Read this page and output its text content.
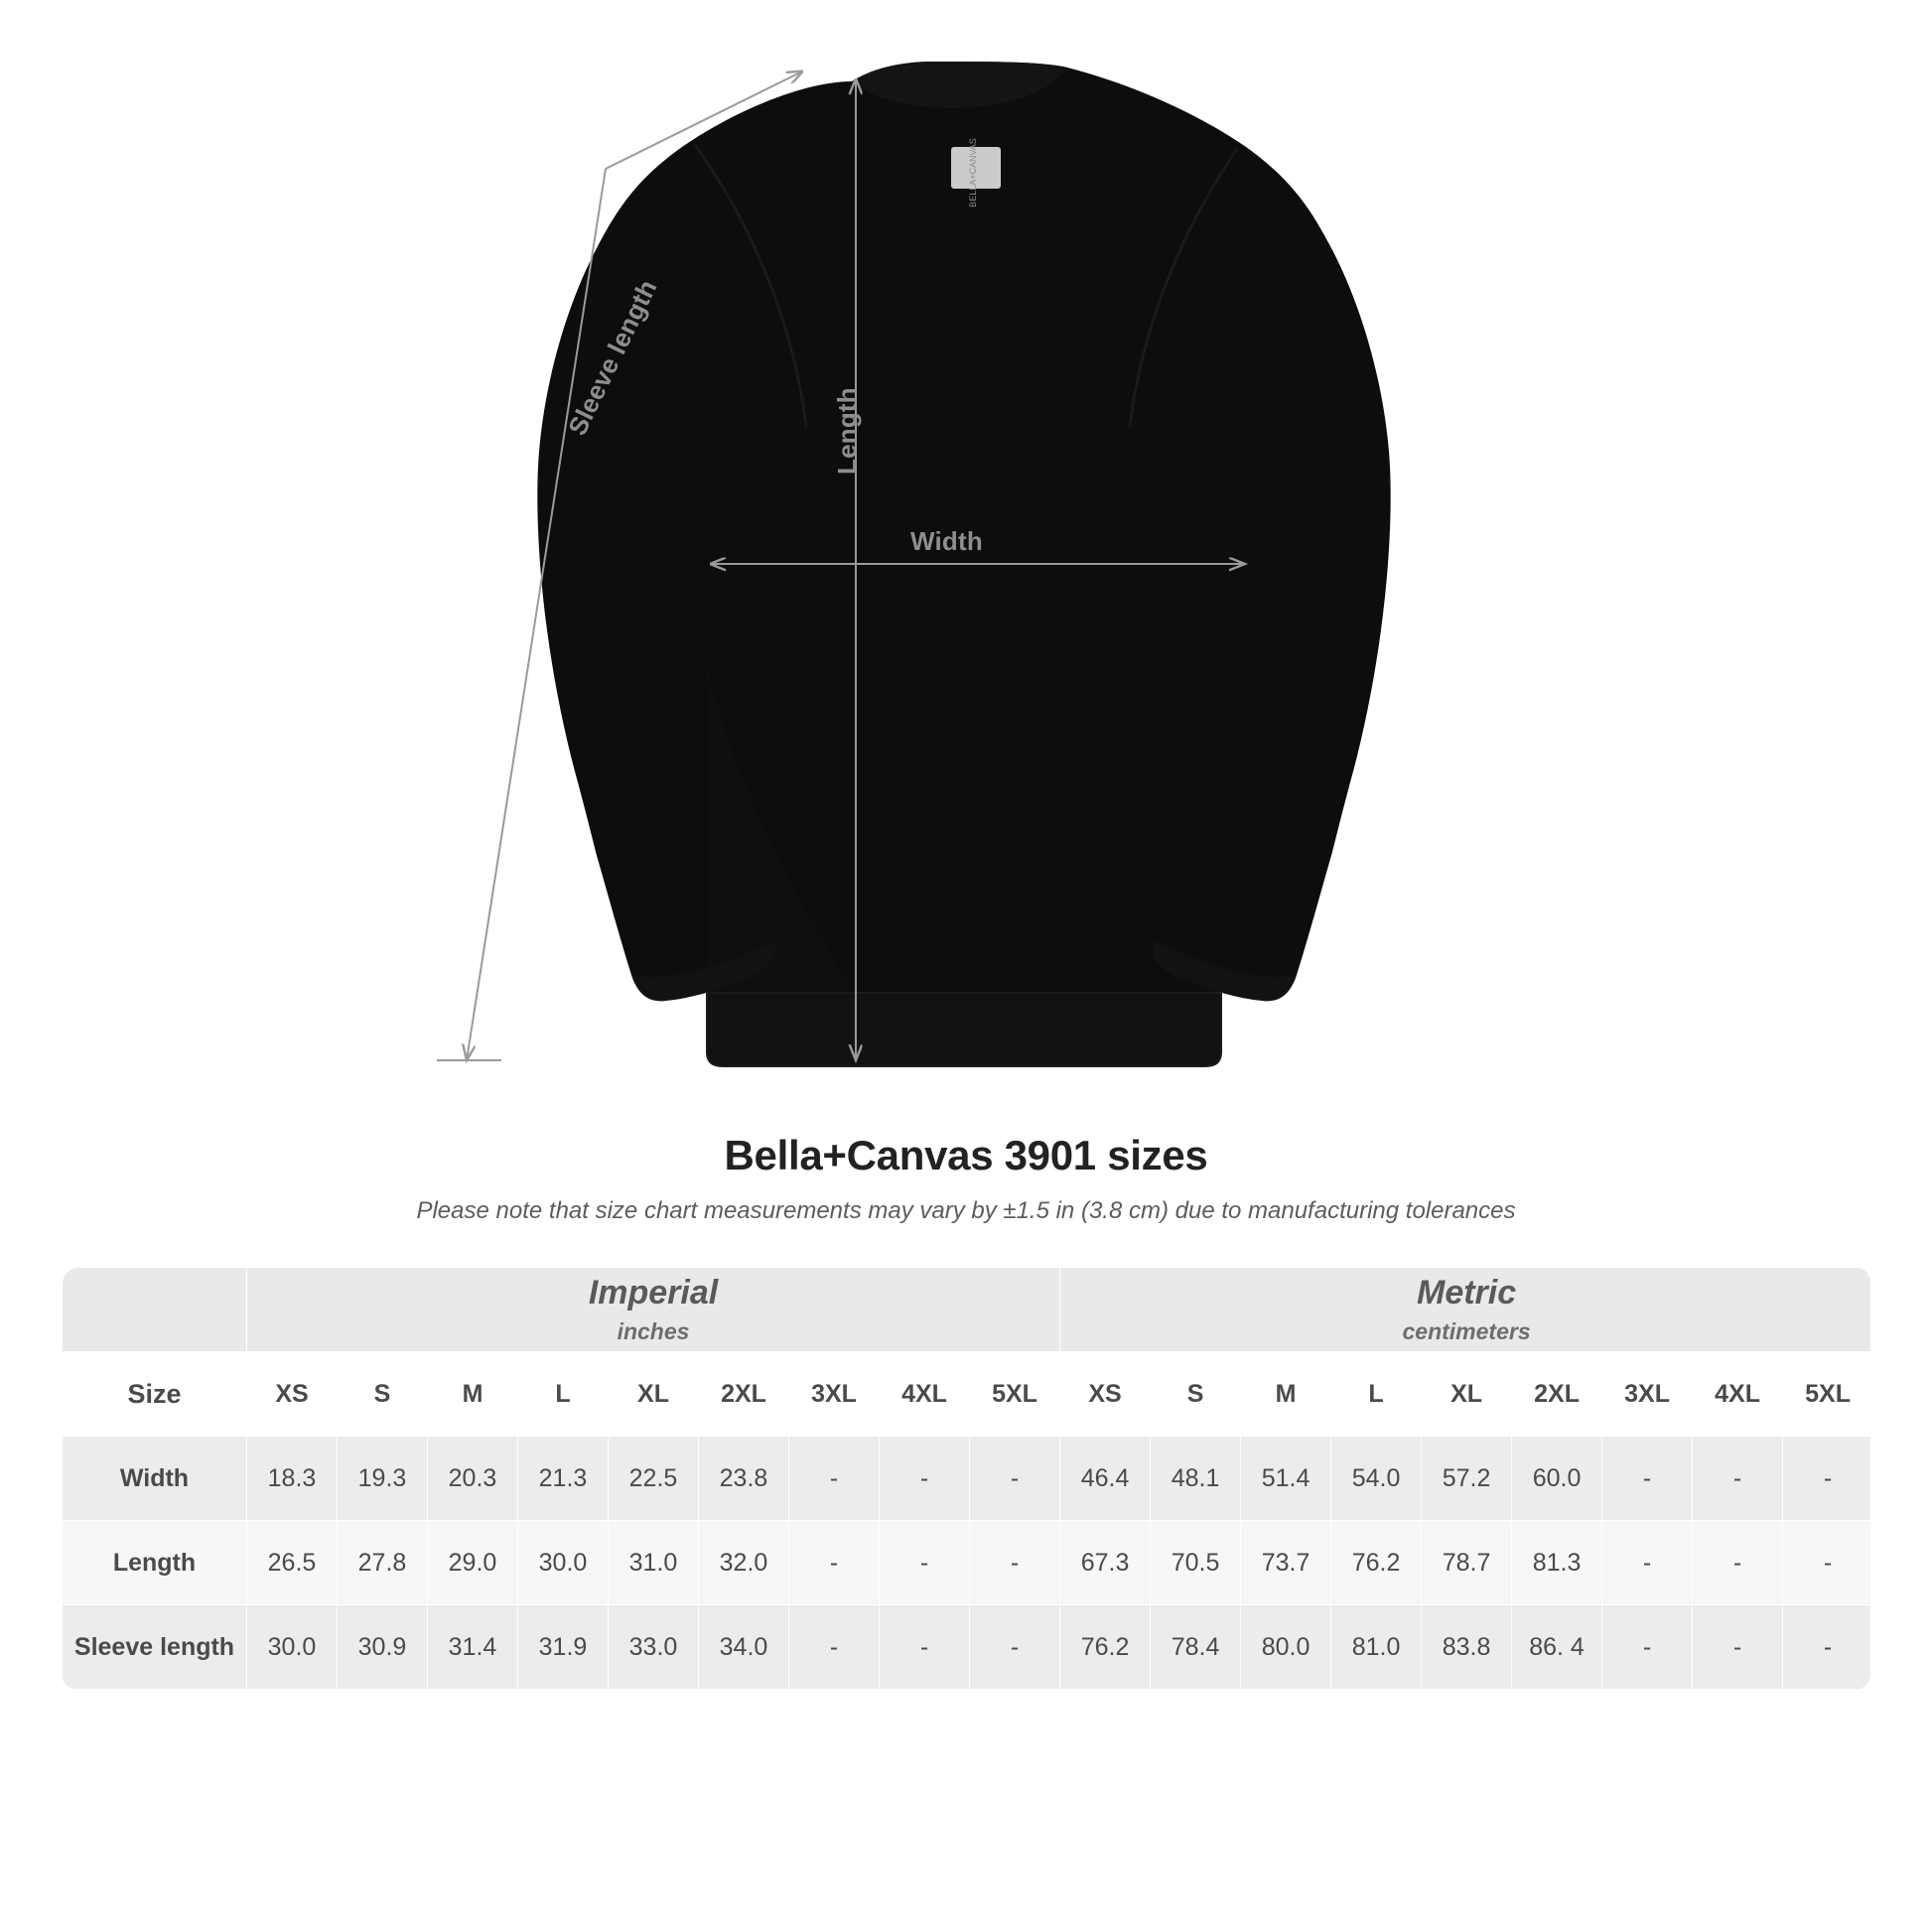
BELLA+CANVAS
Sleeve length	Length
Width
Bella+Canvas 3901 sizes
Please note that size chart measurements may vary by ±1.5 in (3.8 cm) due to manufacturing tolerances

Imperial
inches

Metric
centimeters

Size	XS	S	M	L	XL	2XL	3XL	4XL	5XL	XS	S	M	L	XL	2XL	3XL	4XL	5XL
Width	18.3	19.3	20.3	21.3	22.5	23.8	-	-	-	46.4	48.1	51.4	54.0	57.2	60.0	-	-	-
Length	26.5	27.8	29.0	30.0	31.0	32.0	-	-	-	67.3	70.5	73.7	76.2	78.7	81.3	-	-	-
Sleeve length	30.0	30.9	31.4	31.9	33.0	34.0	-	-	-	76.2	78.4	80.0	81.0	83.8	86. 4	-	-	-
